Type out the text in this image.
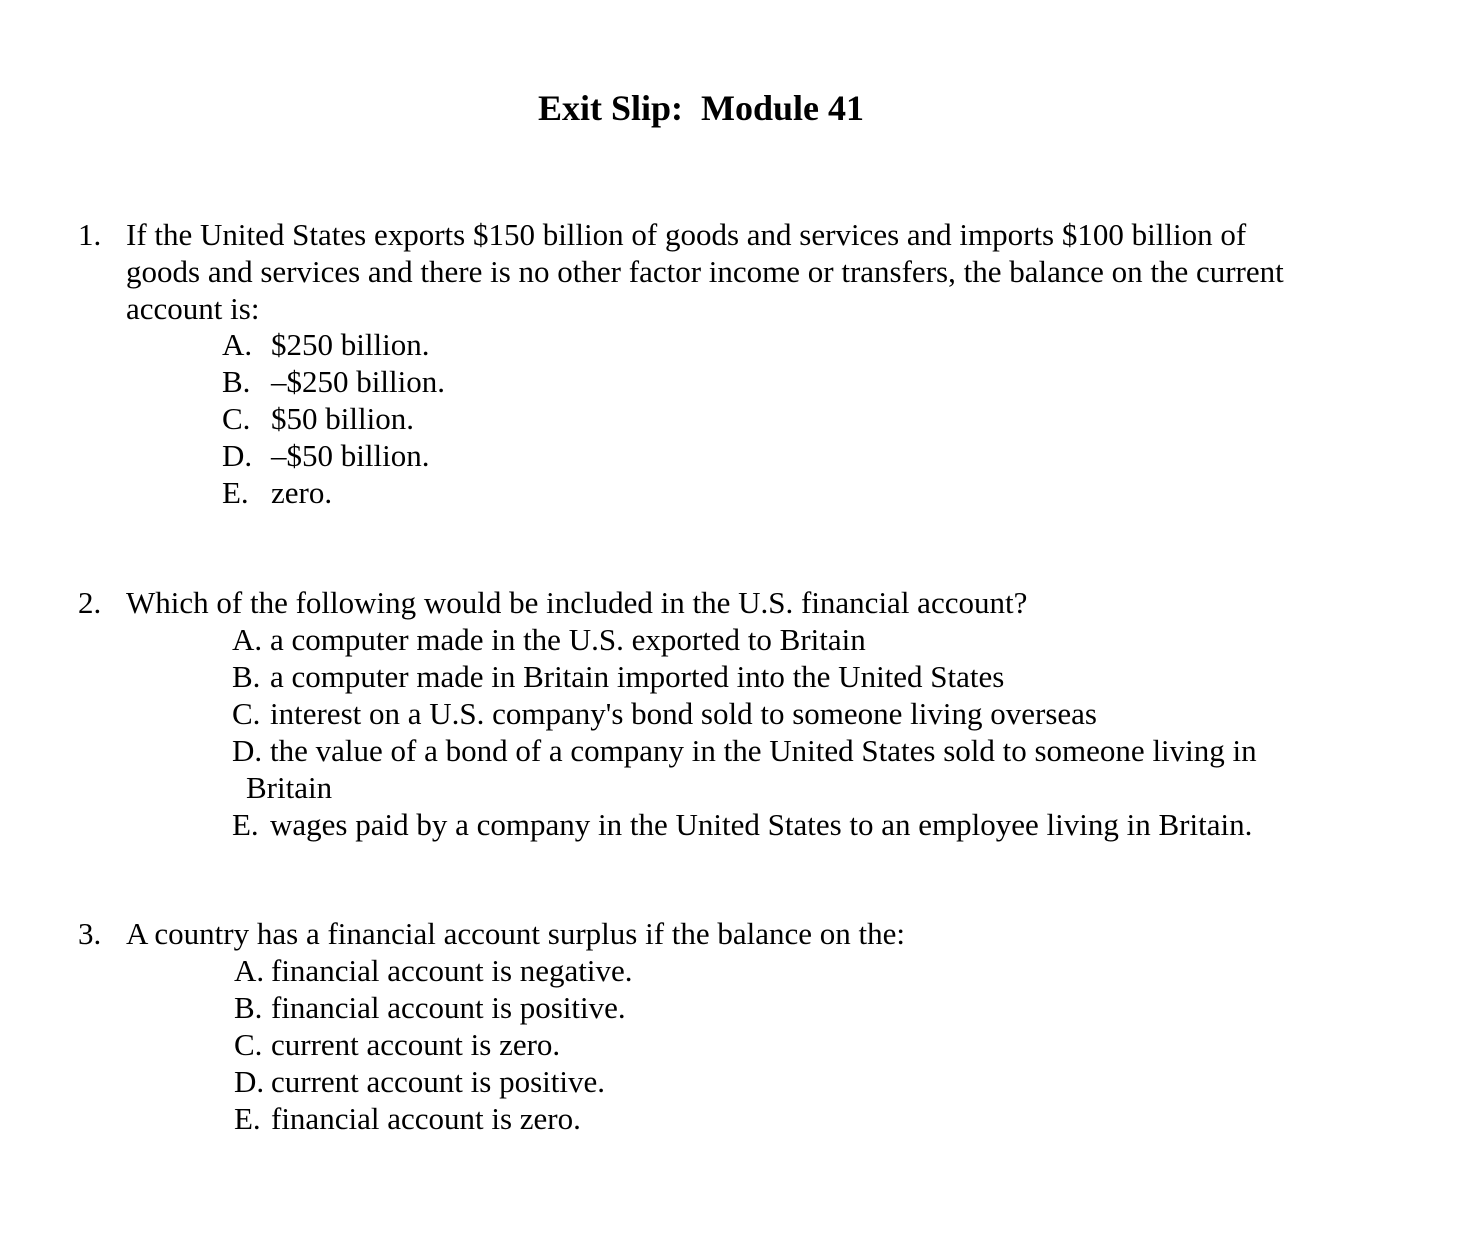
Exit Slip:  Module 41
1. If the United States exports $150 billion of goods and services and imports $100 billion of
goods and services and there is no other factor income or transfers, the balance on the current
account is:
A. $250 billion.
B. –$250 billion.
C. $50 billion.
D. –$50 billion.
E. zero.
2. Which of the following would be included in the U.S. financial account?
A. a computer made in the U.S. exported to Britain
B. a computer made in Britain imported into the United States
C. interest on a U.S. company's bond sold to someone living overseas
D. the value of a bond of a company in the United States sold to someone living in
Britain
E. wages paid by a company in the United States to an employee living in Britain.
3. A country has a financial account surplus if the balance on the:
A. financial account is negative.
B. financial account is positive.
C. current account is zero.
D. current account is positive.
E. financial account is zero.
